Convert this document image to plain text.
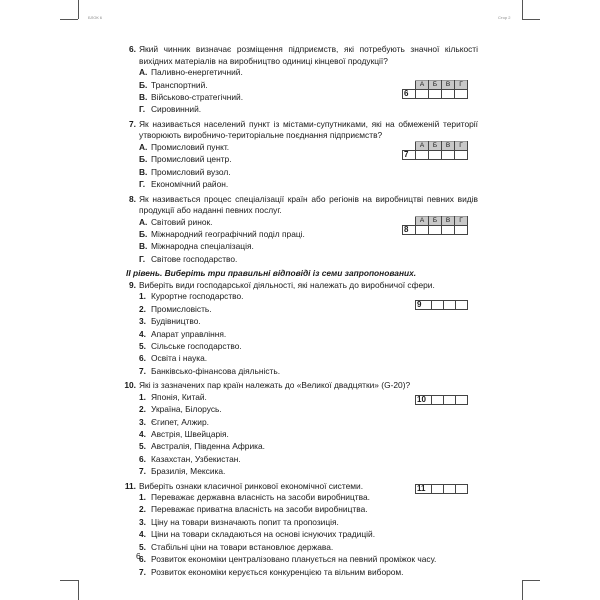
БЛОК 6	Стор 2
6. Який чинник визначає розміщення підприємств, які потребують значної кількості вихідних матеріалів на виробництво одиниці кінцевої продукції?
А. Паливно-енергетичний.
Б. Транспортний.
В. Військово-стратегічний.
Г. Сировинний.
	А	Б	В	Г
6				
7. Як називається населений пункт із містами-супутниками, які на обмеженій території утворюють виробничо-територіальне поєднання підприємств?
А. Промисловий пункт.
Б. Промисловий центр.
В. Промисловий вузол.
Г. Економічний район.
	А	Б	В	Г
7				
8. Як називається процес спеціалізації країн або регіонів на виробництві певних видів продукції або наданні певних послуг.
А. Світовий ринок.
Б. Міжнародний географічний поділ праці.
В. Міжнародна спеціалізація.
Г. Світове господарство.
	А	Б	В	Г
8				
ІІ рівень. Виберіть три правильні відповіді із семи запропонованих.
9. Виберіть види господарської діяльності, які належать до виробничої сфери.
1. Курортне господарство.
2. Промисловість.
3. Будівництво.
4. Апарат управління.
5. Сільське господарство.
6. Освіта і наука.
7. Банківсько-фінансова діяльність.
9			
10. Які із зазначених пар країн належать до «Великої двадцятки» (G-20)?
1. Японія, Китай.
2. Україна, Білорусь.
3. Єгипет, Алжир.
4. Австрія, Швейцарія.
5. Австралія, Південна Африка.
6. Казахстан, Узбекистан.
7. Бразилія, Мексика.
10			
11. Виберіть ознаки класичної ринкової економічної системи.
1. Переважає державна власність на засоби виробництва.
2. Переважає приватна власність на засоби виробництва.
3. Ціну на товари визначають попит та пропозиція.
4. Ціни на товари складаються на основі існуючих традицій.
5. Стабільні ціни на товари встановлює держава.
6. Розвиток економіки централізовано планується на певний проміжок часу.
7. Розвиток економіки керується конкуренцією та вільним вибором.
11			
6
